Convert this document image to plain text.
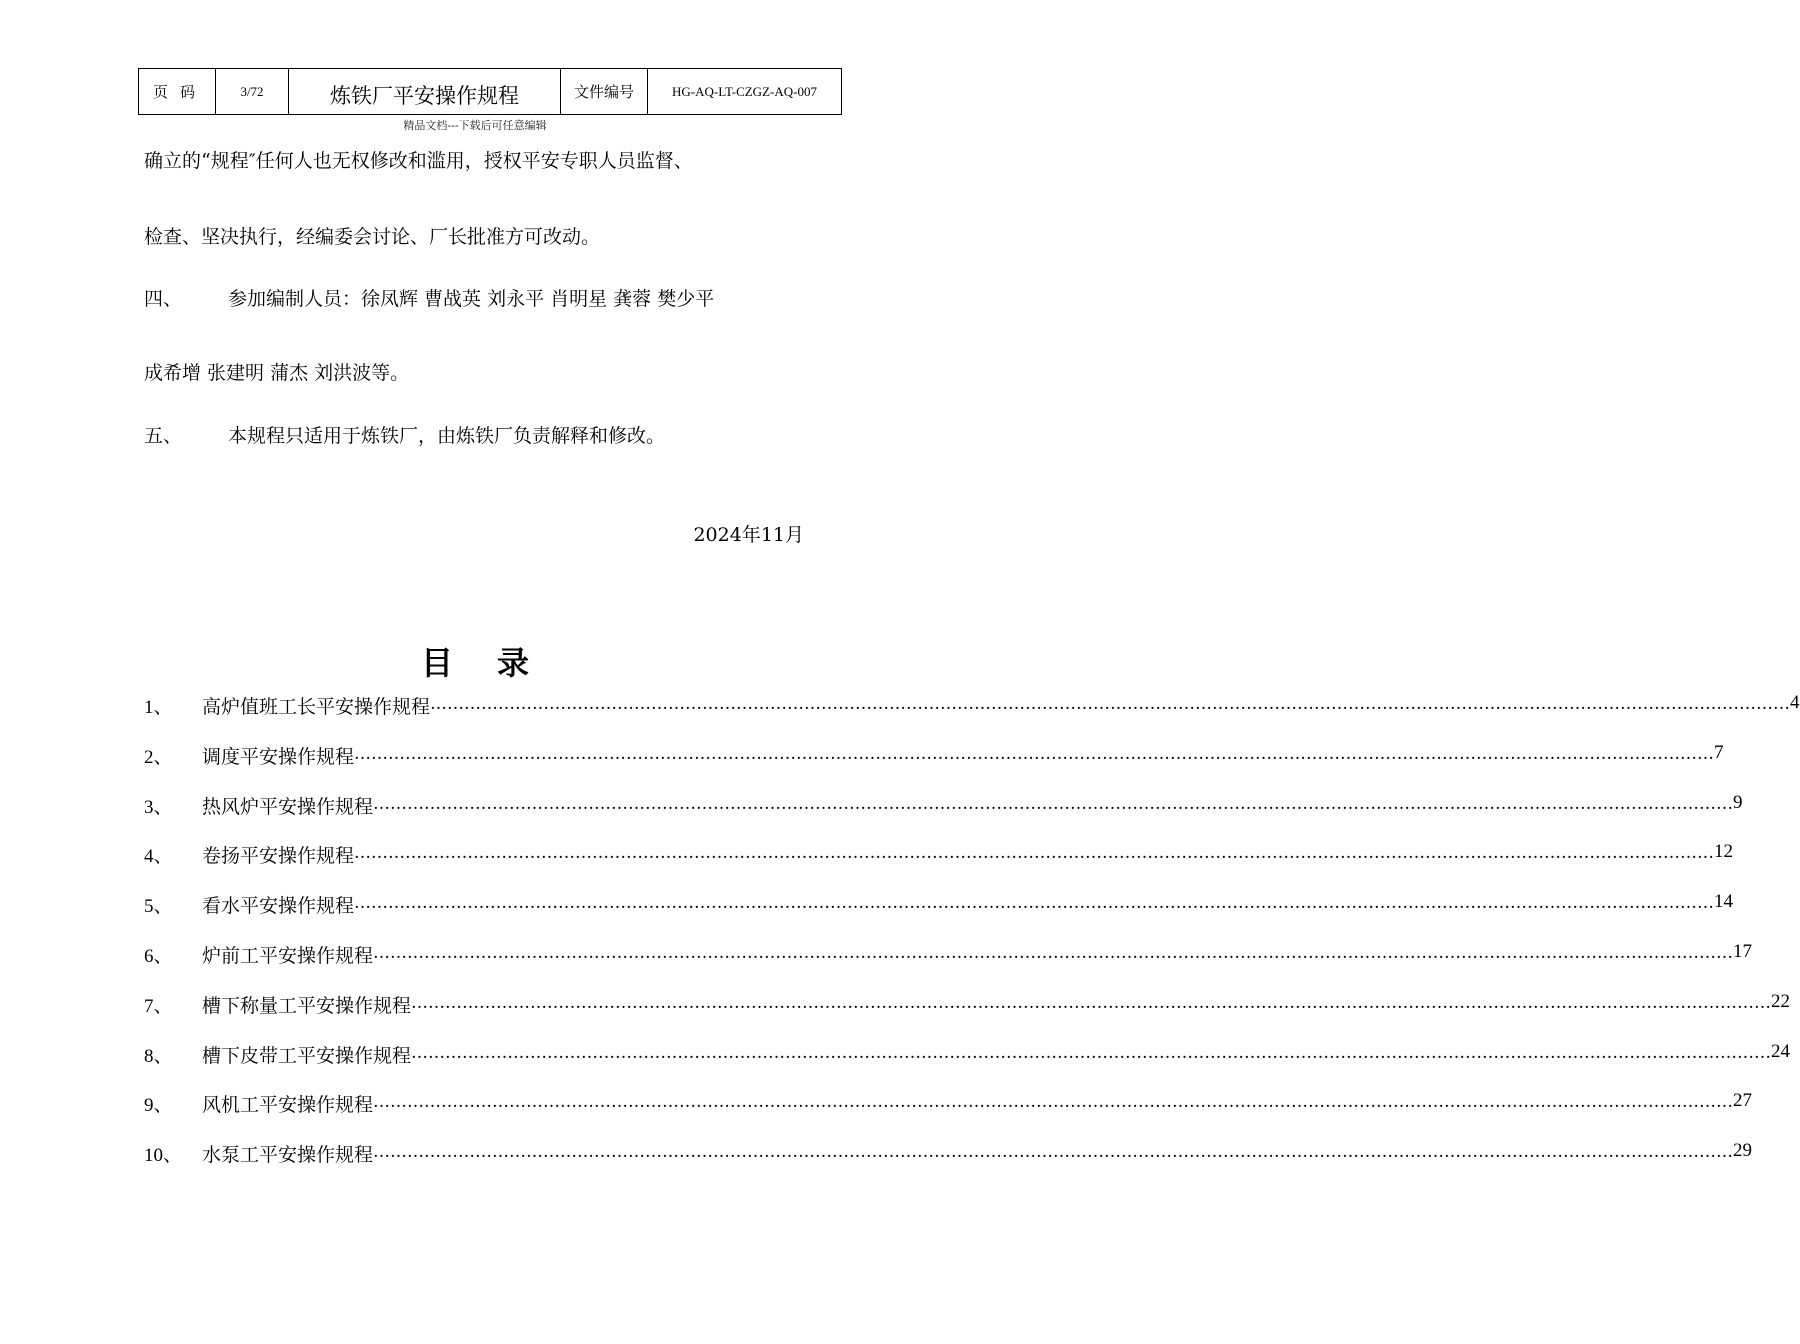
页码	3/72	炼铁厂平安操作规程	文件编号	HG-AQ-LT-CZGZ-AQ-007
精品文档---下载后可任意编辑
确立的“规程″任何人也无权修改和滥用，授权平安专职人员监督、
检查、坚决执行，经编委会讨论、厂长批准方可改动。
四、 参加编制人员：徐凤辉 曹战英 刘永平 肖明星 龚蓉 樊少平
成希增 张建明 蒲杰 刘洪波等。
五、 本规程只适用于炼铁厂，由炼铁厂负责解释和修改。
2024年11月
目录
1、	高炉值班工长平安操作规程 …………………………………………………………………………………………………………………………………………………………………………………………………………………… 4
2、	调度平安操作规程 …………………………………………………………………………………………………………………………………………………………………………………………………………………… 7
3、	热风炉平安操作规程 …………………………………………………………………………………………………………………………………………………………………………………………………………………… 9
4、	卷扬平安操作规程 …………………………………………………………………………………………………………………………………………………………………………………………………………………… 12
5、	看水平安操作规程 …………………………………………………………………………………………………………………………………………………………………………………………………………………… 14
6、	炉前工平安操作规程 …………………………………………………………………………………………………………………………………………………………………………………………………………………… 17
7、	槽下称量工平安操作规程 …………………………………………………………………………………………………………………………………………………………………………………………………………………… 22
8、	槽下皮带工平安操作规程 …………………………………………………………………………………………………………………………………………………………………………………………………………………… 24
9、	风机工平安操作规程 …………………………………………………………………………………………………………………………………………………………………………………………………………………… 27
10、	水泵工平安操作规程 …………………………………………………………………………………………………………………………………………………………………………………………………………………… 29
